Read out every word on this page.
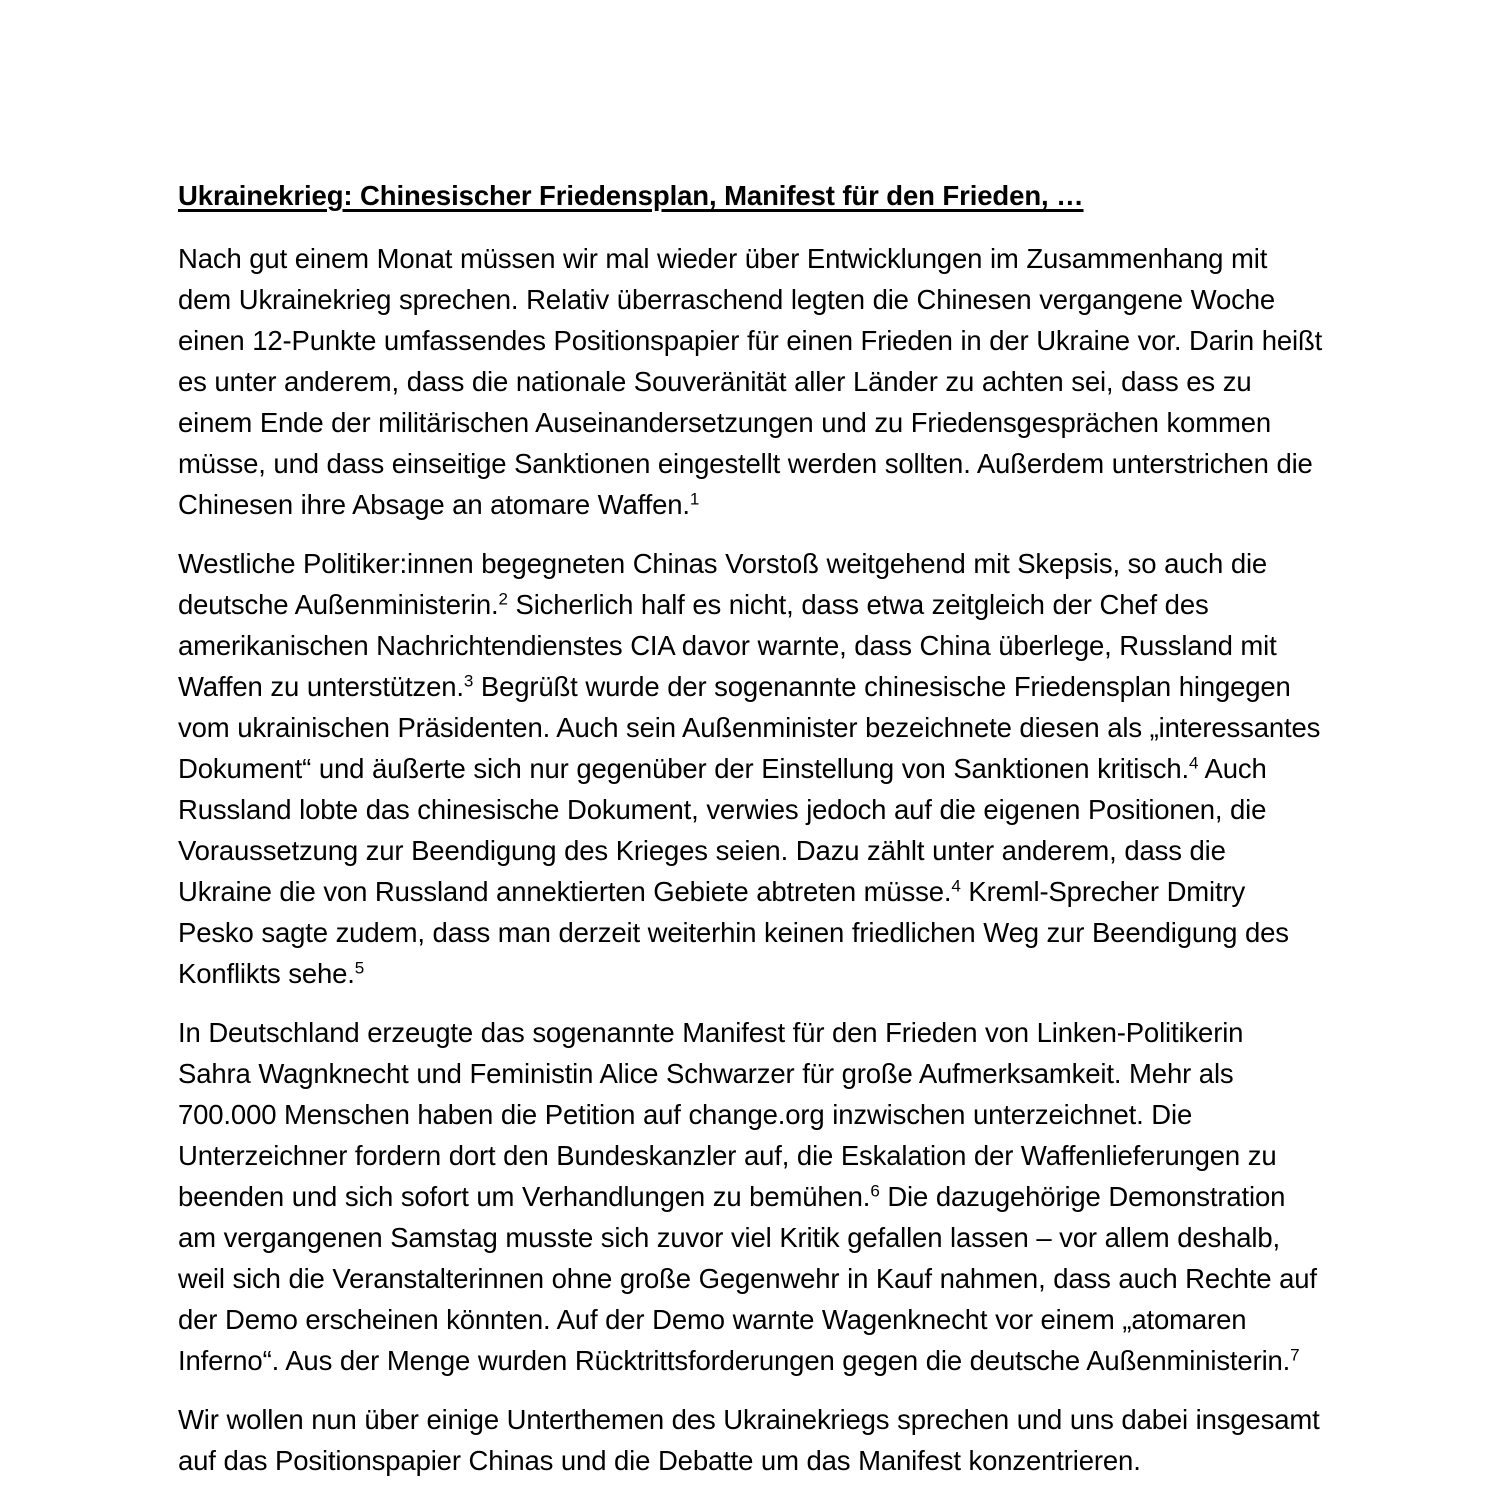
Ukrainekrieg: Chinesischer Friedensplan, Manifest für den Frieden, …

Nach gut einem Monat müssen wir mal wieder über Entwicklungen im Zusammenhang mit dem Ukrainekrieg sprechen. Relativ überraschend legten die Chinesen vergangene Woche einen 12-Punkte umfassendes Positionspapier für einen Frieden in der Ukraine vor. Darin heißt es unter anderem, dass die nationale Souveränität aller Länder zu achten sei, dass es zu einem Ende der militärischen Auseinandersetzungen und zu Friedensgesprächen kommen müsse, und dass einseitige Sanktionen eingestellt werden sollten. Außerdem unterstrichen die Chinesen ihre Absage an atomare Waffen.$^1$

Westliche Politiker:innen begegneten Chinas Vorstoß weitgehend mit Skepsis, so auch die deutsche Außenministerin.$^2$ Sicherlich half es nicht, dass etwa zeitgleich der Chef des amerikanischen Nachrichtendienstes CIA davor warnte, dass China überlege, Russland mit Waffen zu unterstützen.$^3$ Begrüßt wurde der sogenannte chinesische Friedensplan hingegen vom ukrainischen Präsidenten. Auch sein Außenminister bezeichnete diesen als „interessantes Dokument“ und äußerte sich nur gegenüber der Einstellung von Sanktionen kritisch.$^4$ Auch Russland lobte das chinesische Dokument, verwies jedoch auf die eigenen Positionen, die Voraussetzung zur Beendigung des Krieges seien. Dazu zählt unter anderem, dass die Ukraine die von Russland annektierten Gebiete abtreten müsse.$^4$ Kreml-Sprecher Dmitry Pesko sagte zudem, dass man derzeit weiterhin keinen friedlichen Weg zur Beendigung des Konflikts sehe.$^5$

In Deutschland erzeugte das sogenannte Manifest für den Frieden von Linken-Politikerin Sahra Wagnknecht und Feministin Alice Schwarzer für große Aufmerksamkeit. Mehr als 700.000 Menschen haben die Petition auf change.org inzwischen unterzeichnet. Die Unterzeichner fordern dort den Bundeskanzler auf, die Eskalation der Waffenlieferungen zu beenden und sich sofort um Verhandlungen zu bemühen.$^6$ Die dazugehörige Demonstration am vergangenen Samstag musste sich zuvor viel Kritik gefallen lassen – vor allem deshalb, weil sich die Veranstalterinnen ohne große Gegenwehr in Kauf nahmen, dass auch Rechte auf der Demo erscheinen könnten. Auf der Demo warnte Wagenknecht vor einem „atomaren Inferno“. Aus der Menge wurden Rücktrittsforderungen gegen die deutsche Außenministerin.$^7$

Wir wollen nun über einige Unterthemen des Ukrainekriegs sprechen und uns dabei insgesamt auf das Positionspapier Chinas und die Debatte um das Manifest konzentrieren.
